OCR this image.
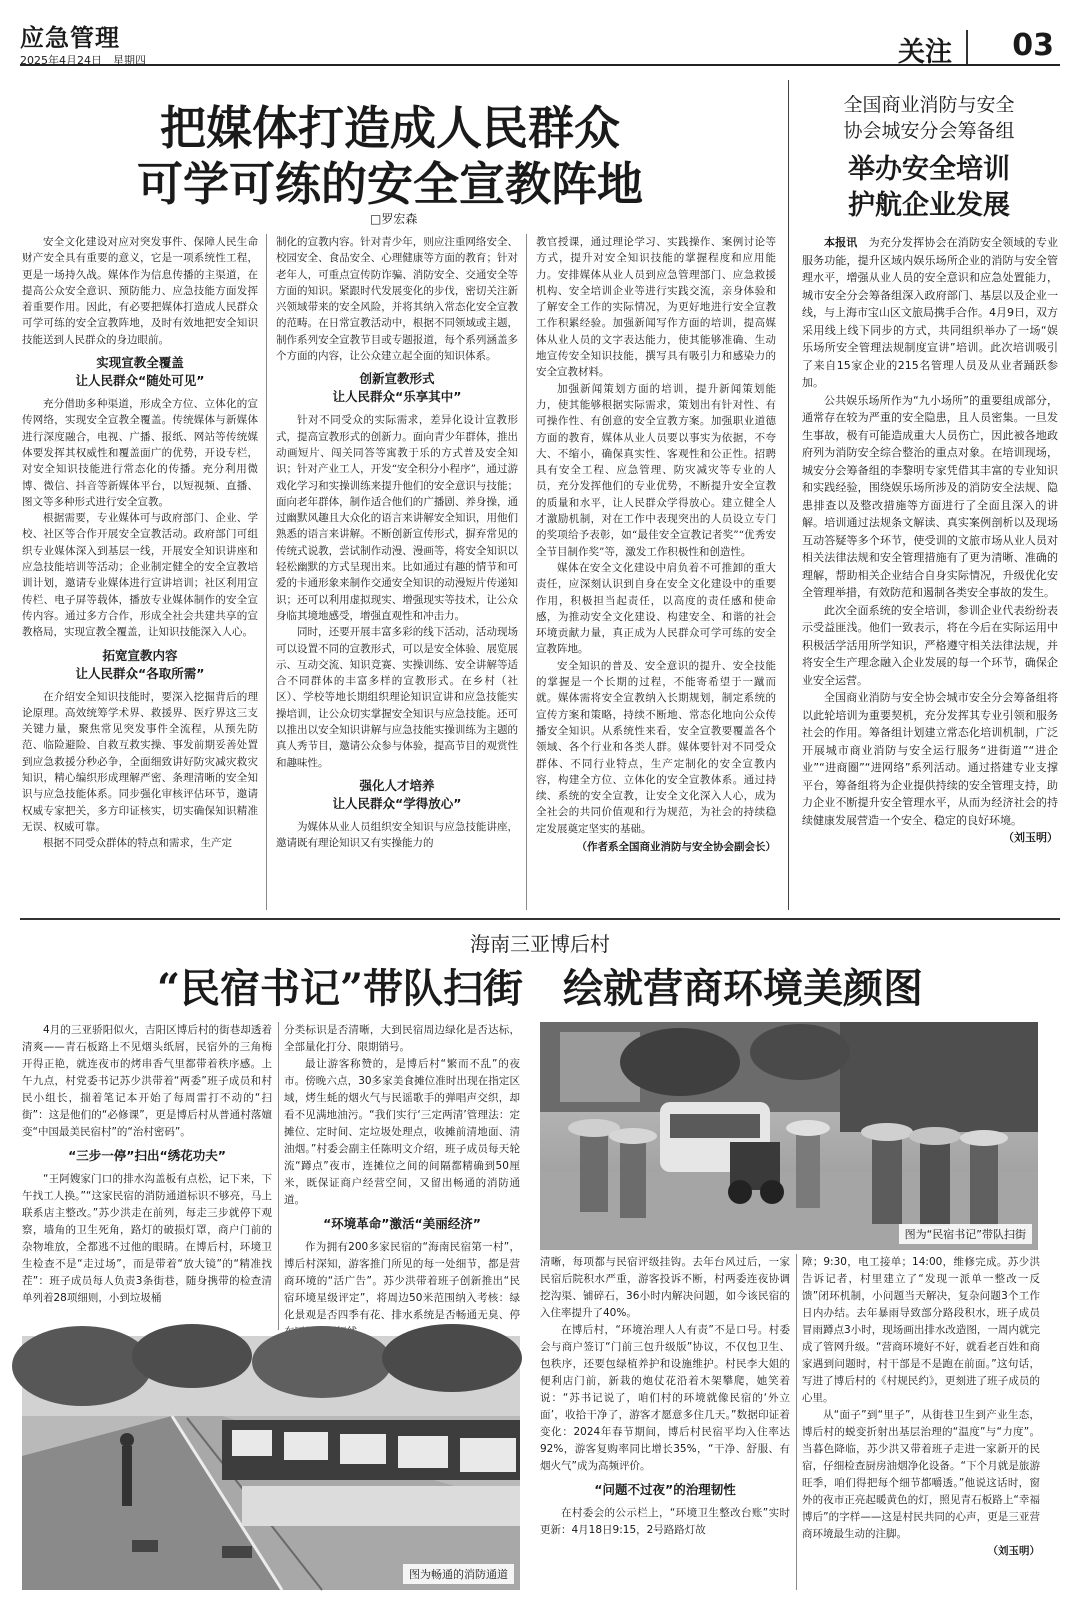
应急管理
2025年4月24日　星期四	关注 03
把媒体打造成人民群众
可学可练的安全宣教阵地
□罗宏森

安全文化建设对应对突发事件、保障人民生命财产安全具有重要的意义，它是一项系统性工程，更是一场持久战。媒体作为信息传播的主渠道，在提高公众安全意识、预防能力、应急技能方面发挥着重要作用。因此，有必要把媒体打造成人民群众可学可练的安全宣教阵地，及时有效地把安全知识技能送到人民群众的身边眼前。

实现宣教全覆盖
让人民群众“随处可见”

充分借助多种渠道，形成全方位、立体化的宣传网络，实现安全宣教全覆盖。传统媒体与新媒体进行深度融合，电视、广播、报纸、网站等传统媒体要发挥其权威性和覆盖面广的优势，开设专栏，对安全知识技能进行常态化的传播。充分利用微博、微信、抖音等新媒体平台，以短视频、直播、图文等多种形式进行安全宣教。

根据需要，专业媒体可与政府部门、企业、学校、社区等合作开展安全宣教活动。政府部门可组织专业媒体深入到基层一线，开展安全知识讲座和应急技能培训等活动；企业制定健全的安全宣教培训计划，邀请专业媒体进行宣讲培训；社区利用宣传栏、电子屏等载体，播放专业媒体制作的安全宣传内容。通过多方合作，形成全社会共建共享的宣教格局，实现宣教全覆盖，让知识技能深入人心。

拓宽宣教内容
让人民群众“各取所需”

在介绍安全知识技能时，要深入挖掘背后的理论原理。高效统筹学术界、救援界、医疗界这三支关键力量，聚焦常见突发事件全流程，从预先防范、临险避险、自救互救实操、事发前期妥善处置到应急救援分秒必争，全面细致讲好防灾减灾救灾知识，精心编织形成理解严密、条理清晰的安全知识与应急技能体系。同步强化审核评估环节，邀请权威专家把关，多方印证核实，切实确保知识精准无误、权威可靠。

根据不同受众群体的特点和需求，生产定

制化的宣教内容。针对青少年，则应注重网络安全、校园安全、食品安全、心理健康等方面的教育；针对老年人，可重点宣传防诈骗、消防安全、交通安全等方面的知识。紧跟时代发展变化的步伐，密切关注新兴领域带来的安全风险，并将其纳入常态化安全宣教的范畴。在日常宣教活动中，根据不同领域或主题，制作系列安全宣教节目或专题报道，每个系列涵盖多个方面的内容，让公众建立起全面的知识体系。

创新宣教形式
让人民群众“乐享其中”

针对不同受众的实际需求，差异化设计宣教形式，提高宣教形式的创新力。面向青少年群体，推出动画短片、闯关同答等寓教于乐的方式普及安全知识；针对产业工人，开发“安全积分小程序”，通过游戏化学习和实操训练来提升他们的安全意识与技能；面向老年群体，制作适合他们的广播剧、养身操，通过幽默风趣且大众化的语言来讲解安全知识，用他们熟悉的语言来讲解。不断创新宣传形式，摒弃常见的传统式说教，尝试制作动漫、漫画等，将安全知识以轻松幽默的方式呈现出来。比如通过有趣的情节和可爱的卡通形象来制作交通安全知识的动漫短片传递知识；还可以利用虚拟现实、增强现实等技术，让公众身临其境地感受，增强直观性和冲击力。

同时，还要开展丰富多彩的线下活动，活动现场可以设置不同的宣教形式，可以是安全体验、展览展示、互动交流、知识竞赛、实操训练、安全讲解等适合不同群体的丰富多样的宣教形式。在乡村（社区）、学校等地长期组织理论知识宣讲和应急技能实操培训，让公众切实掌握安全知识与应急技能。还可以推出以安全知识讲解与应急技能实操训练为主题的真人秀节目，邀请公众参与体验，提高节目的观赏性和趣味性。

强化人才培养
让人民群众“学得放心”

为媒体从业人员组织安全知识与应急技能讲座，邀请既有理论知识又有实操能力的

教官授课，通过理论学习、实践操作、案例讨论等方式，提升对安全知识技能的掌握程度和应用能力。安排媒体从业人员到应急管理部门、应急救援机构、安全培训企业等进行实践交流，亲身体验和了解安全工作的实际情况，为更好地进行安全宣教工作积累经验。加强新闻写作方面的培训，提高媒体从业人员的文字表达能力，使其能够准确、生动地宣传安全知识技能，撰写具有吸引力和感染力的安全宣教材料。

加强新闻策划方面的培训，提升新闻策划能力，使其能够根据实际需求，策划出有针对性、有可操作性、有创意的安全宣教方案。加强职业道德方面的教育，媒体从业人员要以事实为依据，不夸大、不缩小，确保真实性、客观性和公正性。招聘具有安全工程、应急管理、防灾减灾等专业的人员，充分发挥他们的专业优势，不断提升安全宣教的质量和水平，让人民群众学得放心。建立健全人才激励机制，对在工作中表现突出的人员设立专门的奖项给予表彰，如“最佳安全宣教记者奖”“优秀安全节目制作奖”等，激发工作积极性和创造性。

媒体在安全文化建设中肩负着不可推卸的重大责任，应深刻认识到自身在安全文化建设中的重要作用，积极担当起责任，以高度的责任感和使命感，为推动安全文化建设、构建安全、和谐的社会环境贡献力量，真正成为人民群众可学可练的安全宣教阵地。

安全知识的普及、安全意识的提升、安全技能的掌握是一个长期的过程，不能寄希望于一蹴而就。媒体需将安全宣教纳入长期规划，制定系统的宣传方案和策略，持续不断地、常态化地向公众传播安全知识。从系统性来看，安全宣教要覆盖各个领域、各个行业和各类人群。媒体要针对不同受众群体、不同行业特点，生产定制化的安全宣教内容，构建全方位、立体化的安全宣教体系。通过持续、系统的安全宣教，让安全文化深入人心，成为全社会的共同价值观和行为规范，为社会的持续稳定发展奠定坚实的基础。

（作者系全国商业消防与安全协会副会长）
全国商业消防与安全
协会城安分会筹备组
举办安全培训
护航企业发展

本报讯　 为充分发挥协会在消防安全领域的专业服务功能，提升区域内娱乐场所企业的消防与安全管理水平，增强从业人员的安全意识和应急处置能力，城市安全分会筹备组深入政府部门、基层以及企业一线，与上海市宝山区文旅局携手合作。4月9日，双方采用线上线下同步的方式，共同组织举办了一场“娱乐场所安全管理法规制度宣讲”培训。此次培训吸引了来自15家企业的215名管理人员及从业者踊跃参加。

公共娱乐场所作为“九小场所”的重要组成部分，通常存在较为严重的安全隐患，且人员密集。一旦发生事故，极有可能造成重大人员伤亡，因此被各地政府列为消防安全综合整治的重点对象。在培训现场，城安分会筹备组的李黎明专家凭借其丰富的专业知识和实践经验，围绕娱乐场所涉及的消防安全法规、隐患排查以及整改措施等方面进行了全面且深入的讲解。培训通过法规条文解读、真实案例剖析以及现场互动答疑等多个环节，使受训的文旅市场从业人员对相关法律法规和安全管理措施有了更为清晰、准确的理解，帮助相关企业结合自身实际情况，升级优化安全管理举措，有效防范和遏制各类安全事故的发生。

此次全面系统的安全培训，参训企业代表纷纷表示受益匪浅。他们一致表示，将在今后在实际运用中积极活学活用所学知识，严格遵守相关法律法规，并将安全生产理念融入企业发展的每一个环节，确保企业安全运营。

全国商业消防与安全协会城市安全分会筹备组将以此轮培训为重要契机，充分发挥其专业引领和服务社会的作用。筹备组计划建立常态化培训机制，广泛开展城市商业消防与安全运行服务“进街道”“进企业”“进商圈”“进网络”系列活动。通过搭建专业支撑平台，筹备组将为企业提供持续的安全管理支持，助力企业不断提升安全管理水平，从而为经济社会的持续健康发展营造一个安全、稳定的良好环境。

（刘玉明）
海南三亚博后村
“民宿书记”带队扫街　绘就营商环境美颜图

4月的三亚骄阳似火，吉阳区博后村的街巷却透着清爽——青石板路上不见烟头纸屑，民宿外的三角梅开得正艳，就连夜市的烤串香气里都带着秩序感。上午九点，村党委书记苏少洪带着“两委”班子成员和村民小组长，揣着笔记本开始了每周雷打不动的“扫街”：这是他们的“必修课”，更是博后村从普通村落嬗变“中国最美民宿村”的“治村密码”。

“三步一停”扫出“绣花功夫”

“王阿嫂家门口的排水沟盖板有点松，记下来，下午找工人换。”“这家民宿的消防通道标识不够亮，马上联系店主整改。”苏少洪走在前列，每走三步就停下观察，墙角的卫生死角，路灯的破损灯罩，商户门前的杂物堆放，全都逃不过他的眼睛。在博后村，环境卫生检查不是“走过场”，而是带着“放大镜”的“精准找茬”：班子成员每人负责3条街巷，随身携带的检查清单列着28项细则，小到垃圾桶

分类标识是否清晰，大到民宿周边绿化是否达标，全部量化打分、限期销号。

最让游客称赞的，是博后村“繁而不乱”的夜市。傍晚六点，30多家美食摊位准时出现在指定区域，烤生蚝的烟火气与民谣歌手的弹唱声交织，却看不见满地油污。“我们实行‘三定两清’管理法：定摊位、定时间、定垃圾处理点，收摊前清地面、清油烟。”村委会副主任陈明文介绍，班子成员每天轮流“蹲点”夜市，连摊位之间的间隔都精确到50厘米，既保证商户经营空间，又留出畅通的消防通道。

“环境革命”激活“美丽经济”

作为拥有200多家民宿的“海南民宿第一村”，博后村深知，游客推门所见的每一处细节，都是营商环境的“活广告”。苏少洪带着班子创新推出“民宿环境星级评定”，将周边50米范围纳入考核：绿化景观是否四季有花、排水系统是否畅通无臭、停

图为“民宿书记”带队扫街

清晰，每项都与民宿评级挂钩。去年台风过后，一家民宿后院积水严重，游客投诉不断，村两委连夜协调挖沟渠、铺碎石，36小时内解决问题，如今该民宿的入住率提升了40%。

在博后村，“环境治理人人有责”不是口号。村委会与商户签订“门前三包升级版”协议，不仅包卫生、包秩序，还要包绿植养护和设施维护。村民李大姐的便利店门前，新栽的炮仗花沿着木架攀爬，她笑着说：“苏书记说了，咱们村的环境就像民宿的‘外立面’，收拾干净了，游客才愿意多住几天。”数据印证着变化：2024年春节期间，博后村民宿平均入住率达92%，游客复购率同比增长35%，“干净、舒服、有烟火气”成为高频评价。

“问题不过夜”的治理韧性

在村委会的公示栏上，“环境卫生整改台账”实时更新：4月18日9:15，2号路路灯故

障；9:30，电工接单；14:00，维修完成。苏少洪告诉记者，村里建立了“发现一派单一整改一反馈”闭环机制，小问题当天解决，复杂问题3个工作日内办结。去年暴雨导致部分路段积水，班子成员冒雨蹲点3小时，现场画出排水改造图，一周内就完成了管网升级。“营商环境好不好，就看老百姓和商家遇到问题时，村干部是不是跑在前面。”这句话，写进了博后村的《村规民约》，更刻进了班子成员的心里。

从“面子”到“里子”，从街巷卫生到产业生态，博后村的蜕变折射出基层治理的“温度”与“力度”。当暮色降临，苏少洪又带着班子走进一家新开的民宿，仔细检查厨房油烟净化设备。“下个月就是旅游旺季，咱们得把每个细节都嚼透。”他说这话时，窗外的夜市正亮起暖黄色的灯，照见青石板路上“幸福博后”的字样——这是村民共同的心声，更是三亚营商环境最生动的注脚。

（刘玉明）
图为畅通的消防通道
